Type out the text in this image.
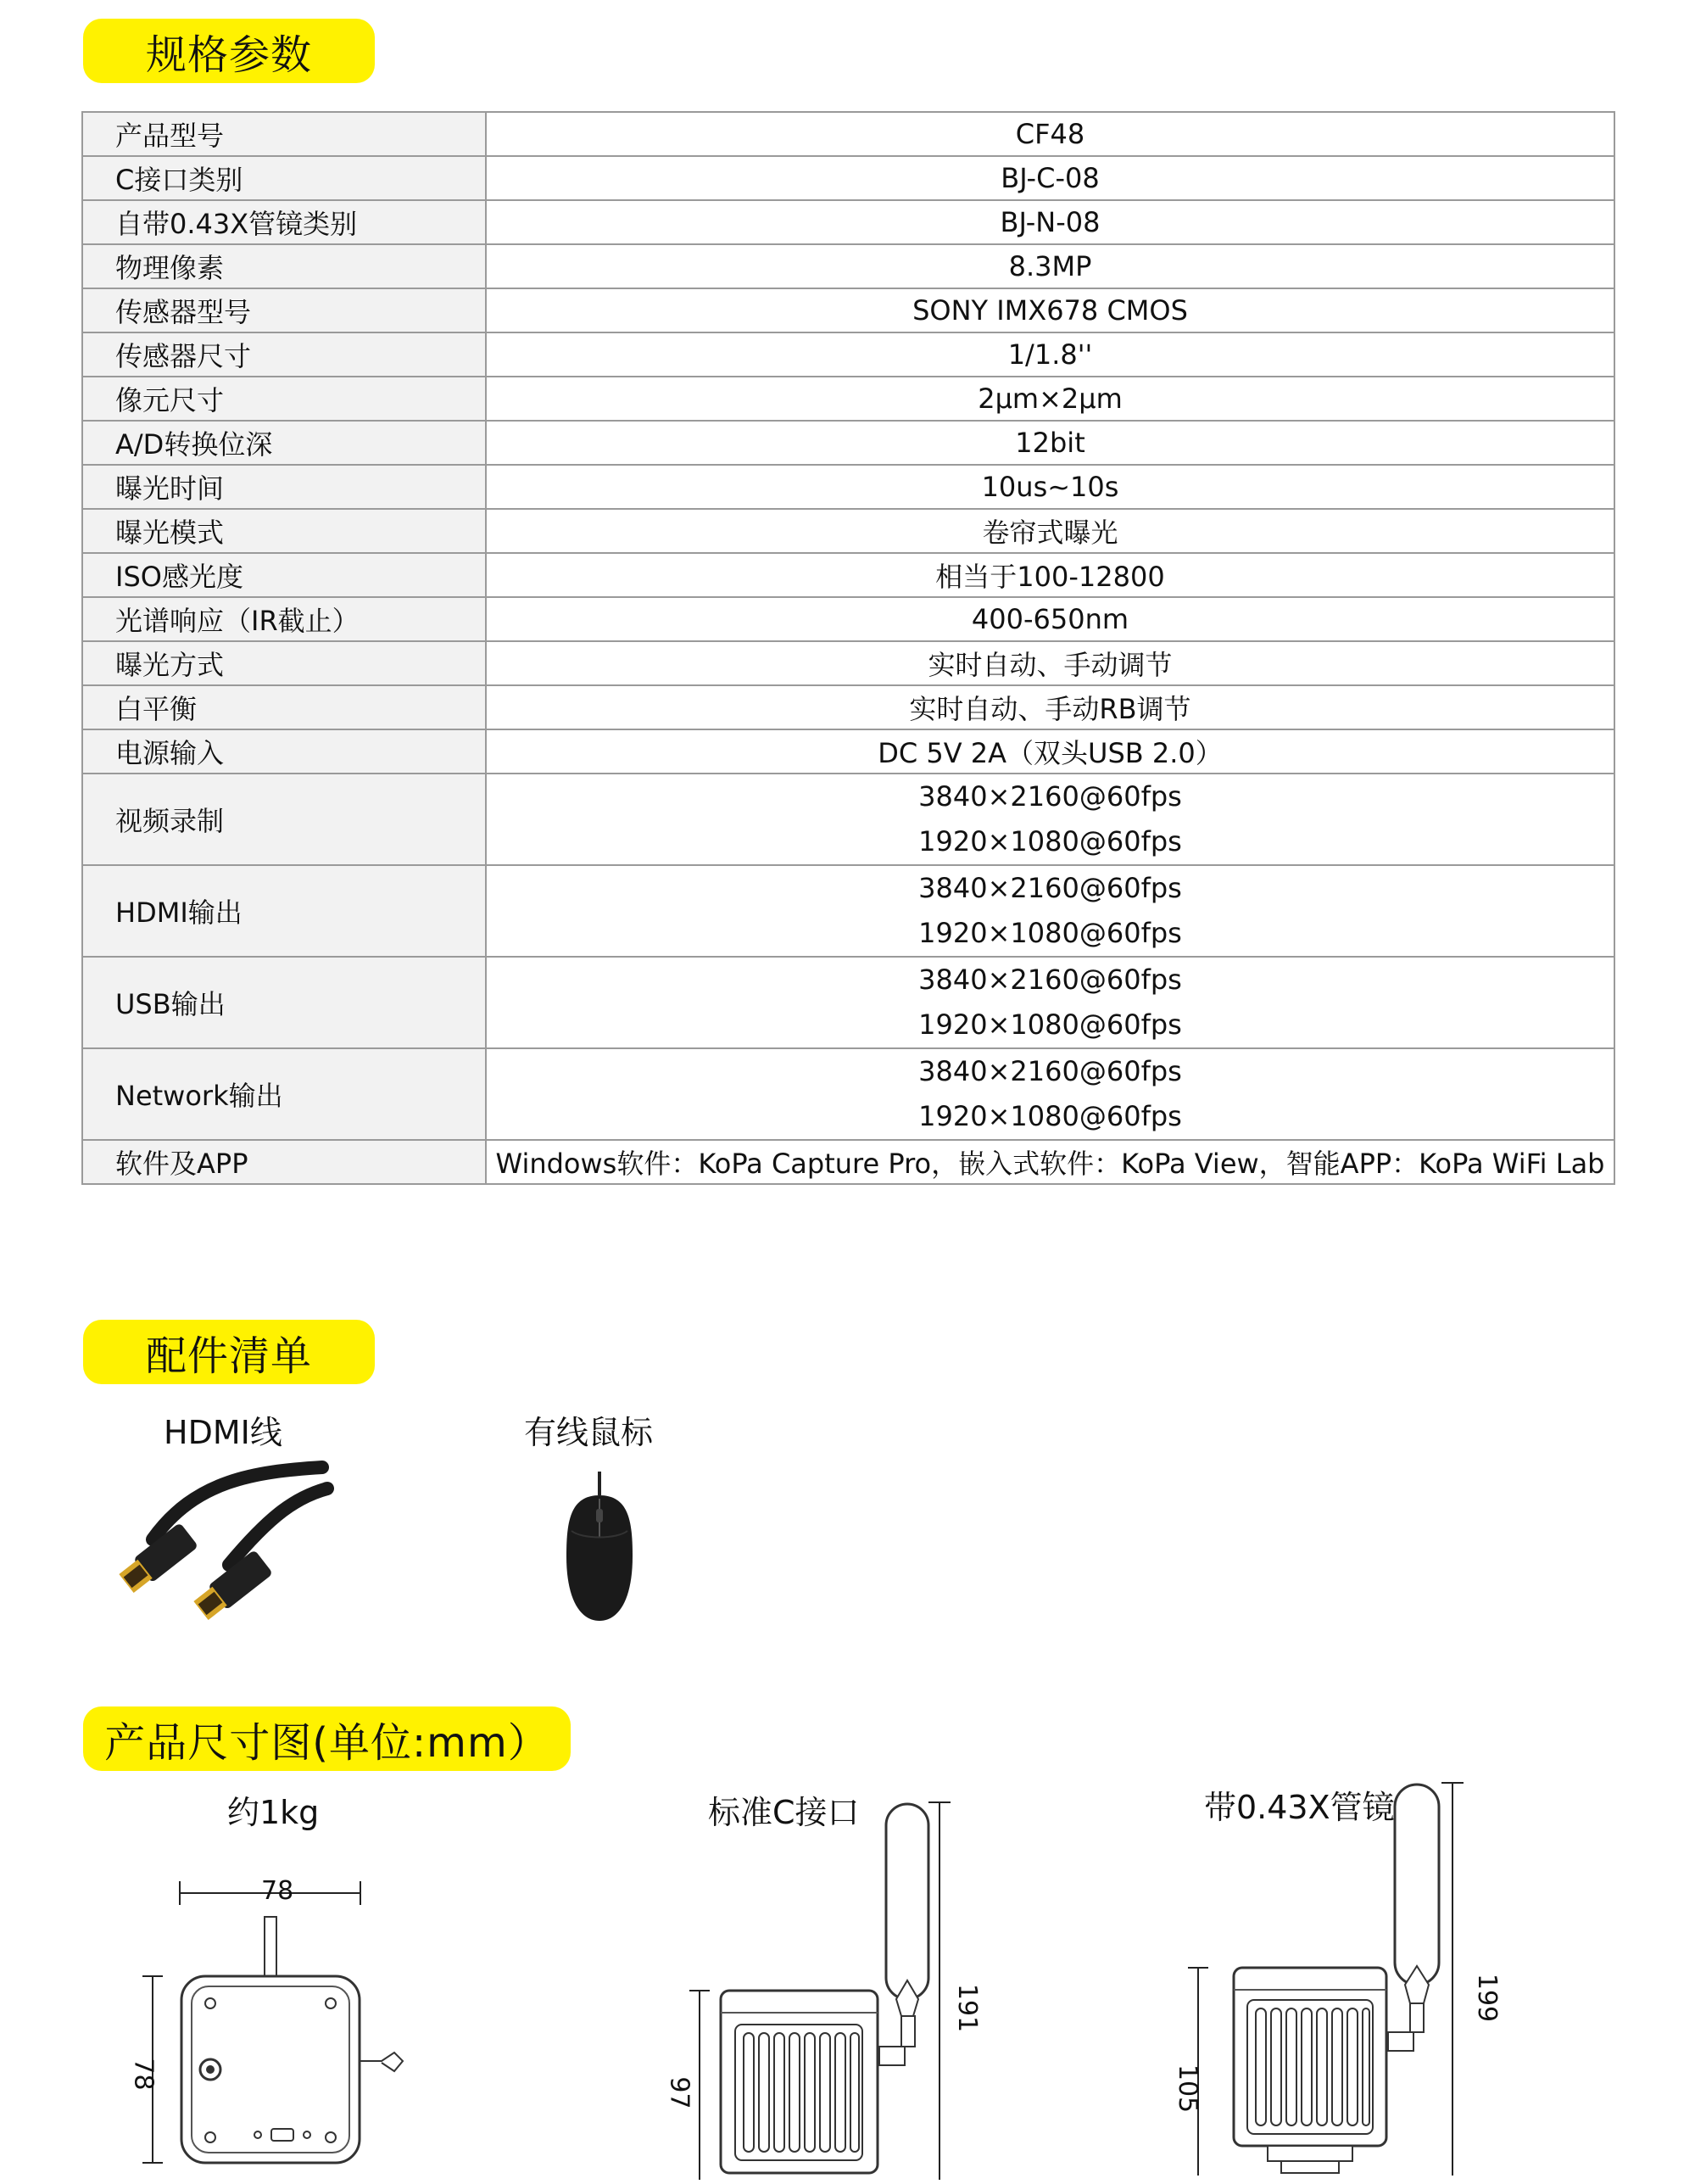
规格参数
产品型号	CF48
C接口类别	BJ-C-08
自带0.43X管镜类别	BJ-N-08
物理像素	8.3MP
传感器型号	SONY IMX678 CMOS
传感器尺寸	1/1.8''
像元尺寸	2μm×2μm
A/D转换位深	12bit
曝光时间	10us~10s
曝光模式	卷帘式曝光
ISO感光度	相当于100-12800
光谱响应（IR截止）	400-650nm
曝光方式	实时自动、手动调节
白平衡	实时自动、手动RB调节
电源输入	DC 5V 2A（双头USB 2.0）
视频录制	3840×2160@60fps
1920×1080@60fps

HDMI输出	3840×2160@60fps
1920×1080@60fps

USB输出	3840×2160@60fps
1920×1080@60fps

Network输出	3840×2160@60fps
1920×1080@60fps

软件及APP	Windows软件：KoPa Capture Pro，嵌入式软件：KoPa View，智能APP：KoPa WiFi Lab
配件清单
HDMI线	有线鼠标
产品尺寸图(单位:mm）
约1kg	标准C接口	带0.43X管镜
78
78
191
97
199
105
